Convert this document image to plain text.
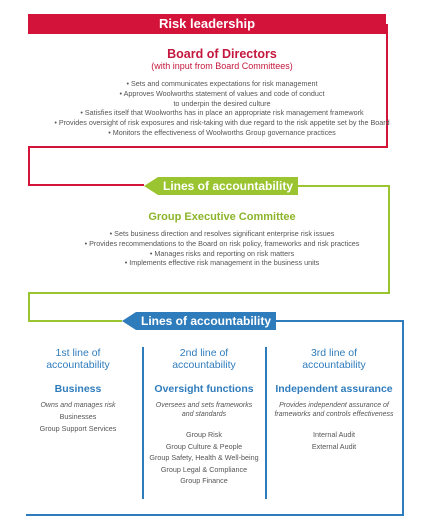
Risk leadership
Board of Directors
(with input from Board Committees)
• Sets and communicates expectations for risk management
• Approves Woolworths statement of values and code of conduct
to underpin the desired culture
• Satisfies itself that Woolworths has in place an appropriate risk management framework
• Provides oversight of risk exposures and risk-taking with due regard to the risk appetite set by the Board
• Monitors the effectiveness of Woolworths Group governance practices
Lines of accountability
Group Executive Committee
• Sets business direction and resolves significant enterprise risk issues
• Provides recommendations to the Board on risk policy, frameworks and risk practices
• Manages risks and reporting on risk matters
• Implements effective risk management in the business units
Lines of accountability
1st line of
accountability
Business
Owns and manages risk
Businesses
Group Support Services
2nd line of
accountability
Oversight functions
Oversees and sets frameworks
and standards
Group Risk
Group Culture & People
Group Safety, Health & Well-being
Group Legal & Compliance
Group Finance
3rd line of
accountability
Independent assurance
Provides independent assurance of
frameworks and controls effectiveness
Internal Audit
External Audit
